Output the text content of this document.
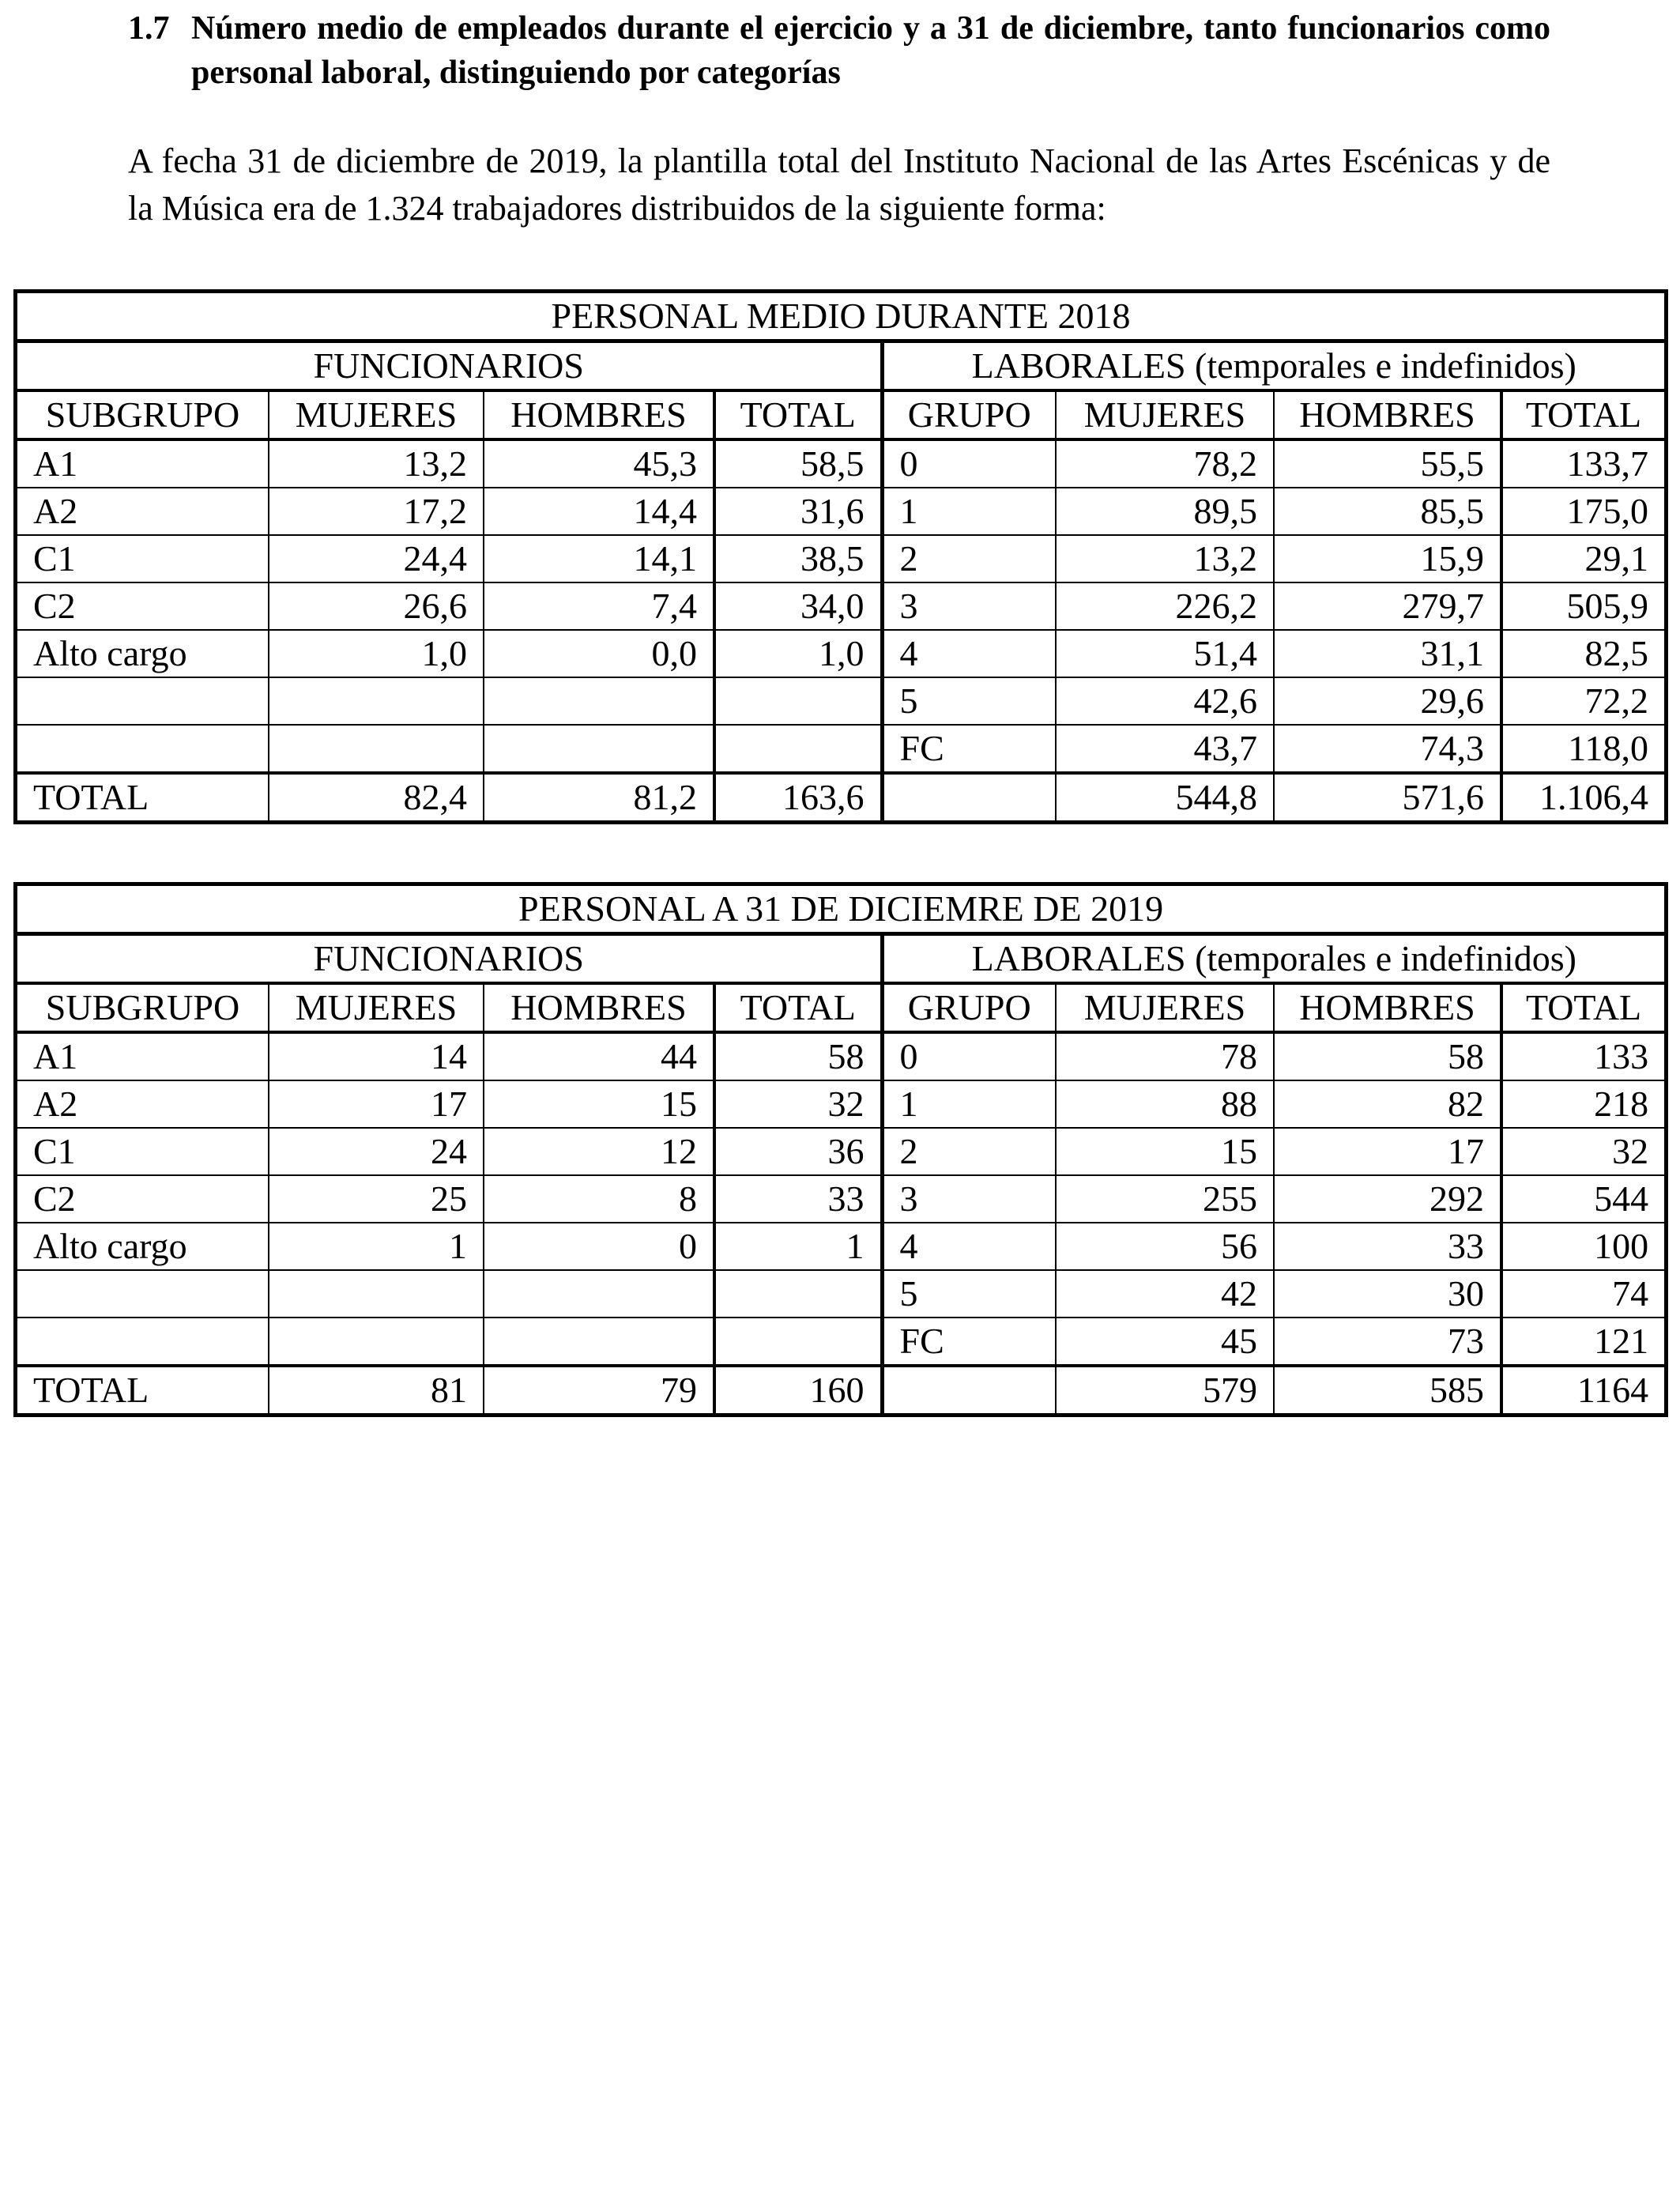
1.7 Número medio de empleados durante el ejercicio y a 31 de diciembre, tanto funcionarios como personal laboral, distinguiendo por categorías
A fecha 31 de diciembre de 2019, la plantilla total del Instituto Nacional de las Artes Escénicas y de la Música era de 1.324 trabajadores distribuidos de la siguiente forma:
PERSONAL MEDIO DURANTE 2018							
FUNCIONARIOS				LABORALES (temporales e indefinidos)			
SUBGRUPO	MUJERES	HOMBRES	TOTAL	GRUPO	MUJERES	HOMBRES	TOTAL
A1	13,2	45,3	58,5	0	78,2	55,5	133,7
A2	17,2	14,4	31,6	1	89,5	85,5	175,0
C1	24,4	14,1	38,5	2	13,2	15,9	29,1
C2	26,6	7,4	34,0	3	226,2	279,7	505,9
Alto cargo	1,0	0,0	1,0	4	51,4	31,1	82,5
				5	42,6	29,6	72,2
				FC	43,7	74,3	118,0
TOTAL	82,4	81,2	163,6		544,8	571,6	1.106,4
PERSONAL A 31 DE DICIEMRE DE 2019							
FUNCIONARIOS				LABORALES (temporales e indefinidos)			
SUBGRUPO	MUJERES	HOMBRES	TOTAL	GRUPO	MUJERES	HOMBRES	TOTAL
A1	14	44	58	0	78	58	133
A2	17	15	32	1	88	82	218
C1	24	12	36	2	15	17	32
C2	25	8	33	3	255	292	544
Alto cargo	1	0	1	4	56	33	100
				5	42	30	74
				FC	45	73	121
TOTAL	81	79	160		579	585	1164
